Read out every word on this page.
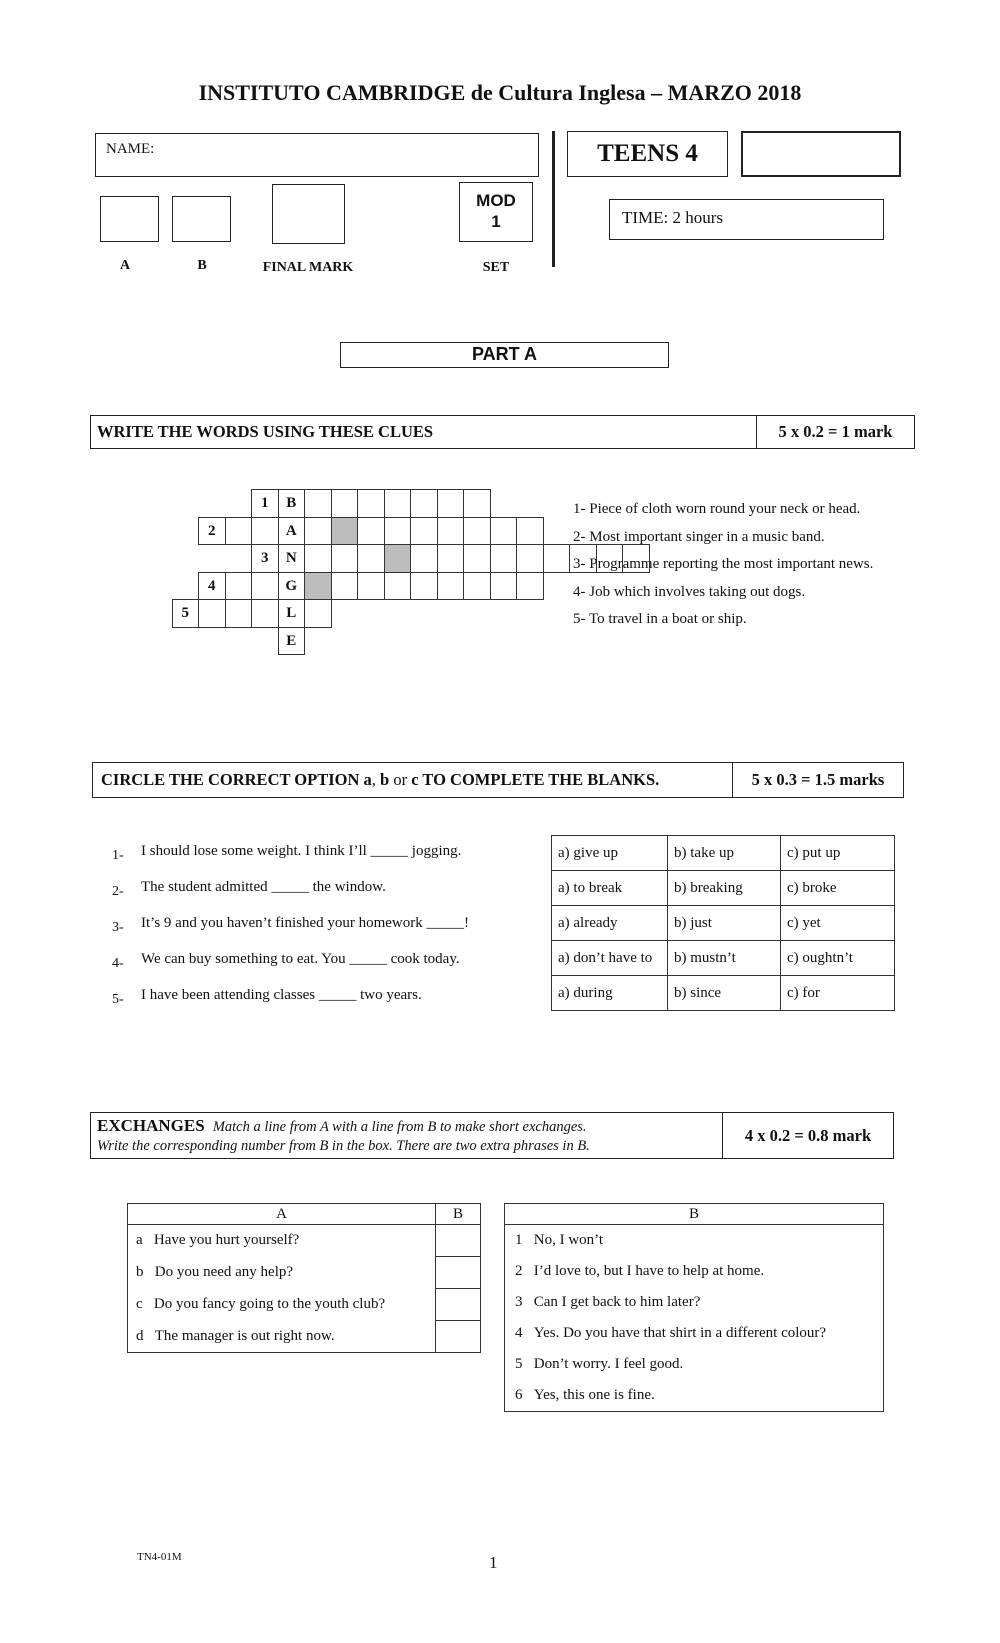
INSTITUTO CAMBRIDGE de Cultura Inglesa – MARZO 2018
NAME:	TEENS 4
TIME: 2 hours
MOD
1
A	B	FINAL MARK	SET
PART A
WRITE THE WORDS USING THESE CLUES	5 x 0.2 = 1 mark
1	B
2	A
3	N
4	G
5	L
E
1- Piece of cloth worn round your neck or head.
2- Most important singer in a music band.
3- Programme reporting the most important news.
4- Job which involves taking out dogs.
5- To travel in a boat or ship.
CIRCLE THE CORRECT OPTION a , b or c TO COMPLETE THE BLANKS.	5 x 0.3 = 1.5 marks
1- I should lose some weight. I think I’ll _____ jogging.
2- The student admitted _____ the window.
3- It’s 9 and you haven’t finished your homework _____!
4- We can buy something to eat. You _____ cook today.
5- I have been attending classes _____ two years.
a) give up	b) take up	c) put up
a) to break	b) breaking	c) broke
a) already	b) just	c) yet
a) don’t have to	b) mustn’t	c) oughtn’t
a) during	b) since	c) for
EXCHANGES Match a line from A with a line from B to make short exchanges.
Write the corresponding number from B in the box. There are two extra phrases in B.
4 x 0.2 = 0.8 mark
A	B
a Have you hurt yourself?	
b Do you need any help?	
c Do you fancy going to the youth club?	
d The manager is out right now.	
B
1 No, I won’t
2 I’d love to, but I have to help at home.
3 Can I get back to him later?
4 Yes. Do you have that shirt in a different colour?
5 Don’t worry. I feel good.
6 Yes, this one is fine.
TN4-01M	1
